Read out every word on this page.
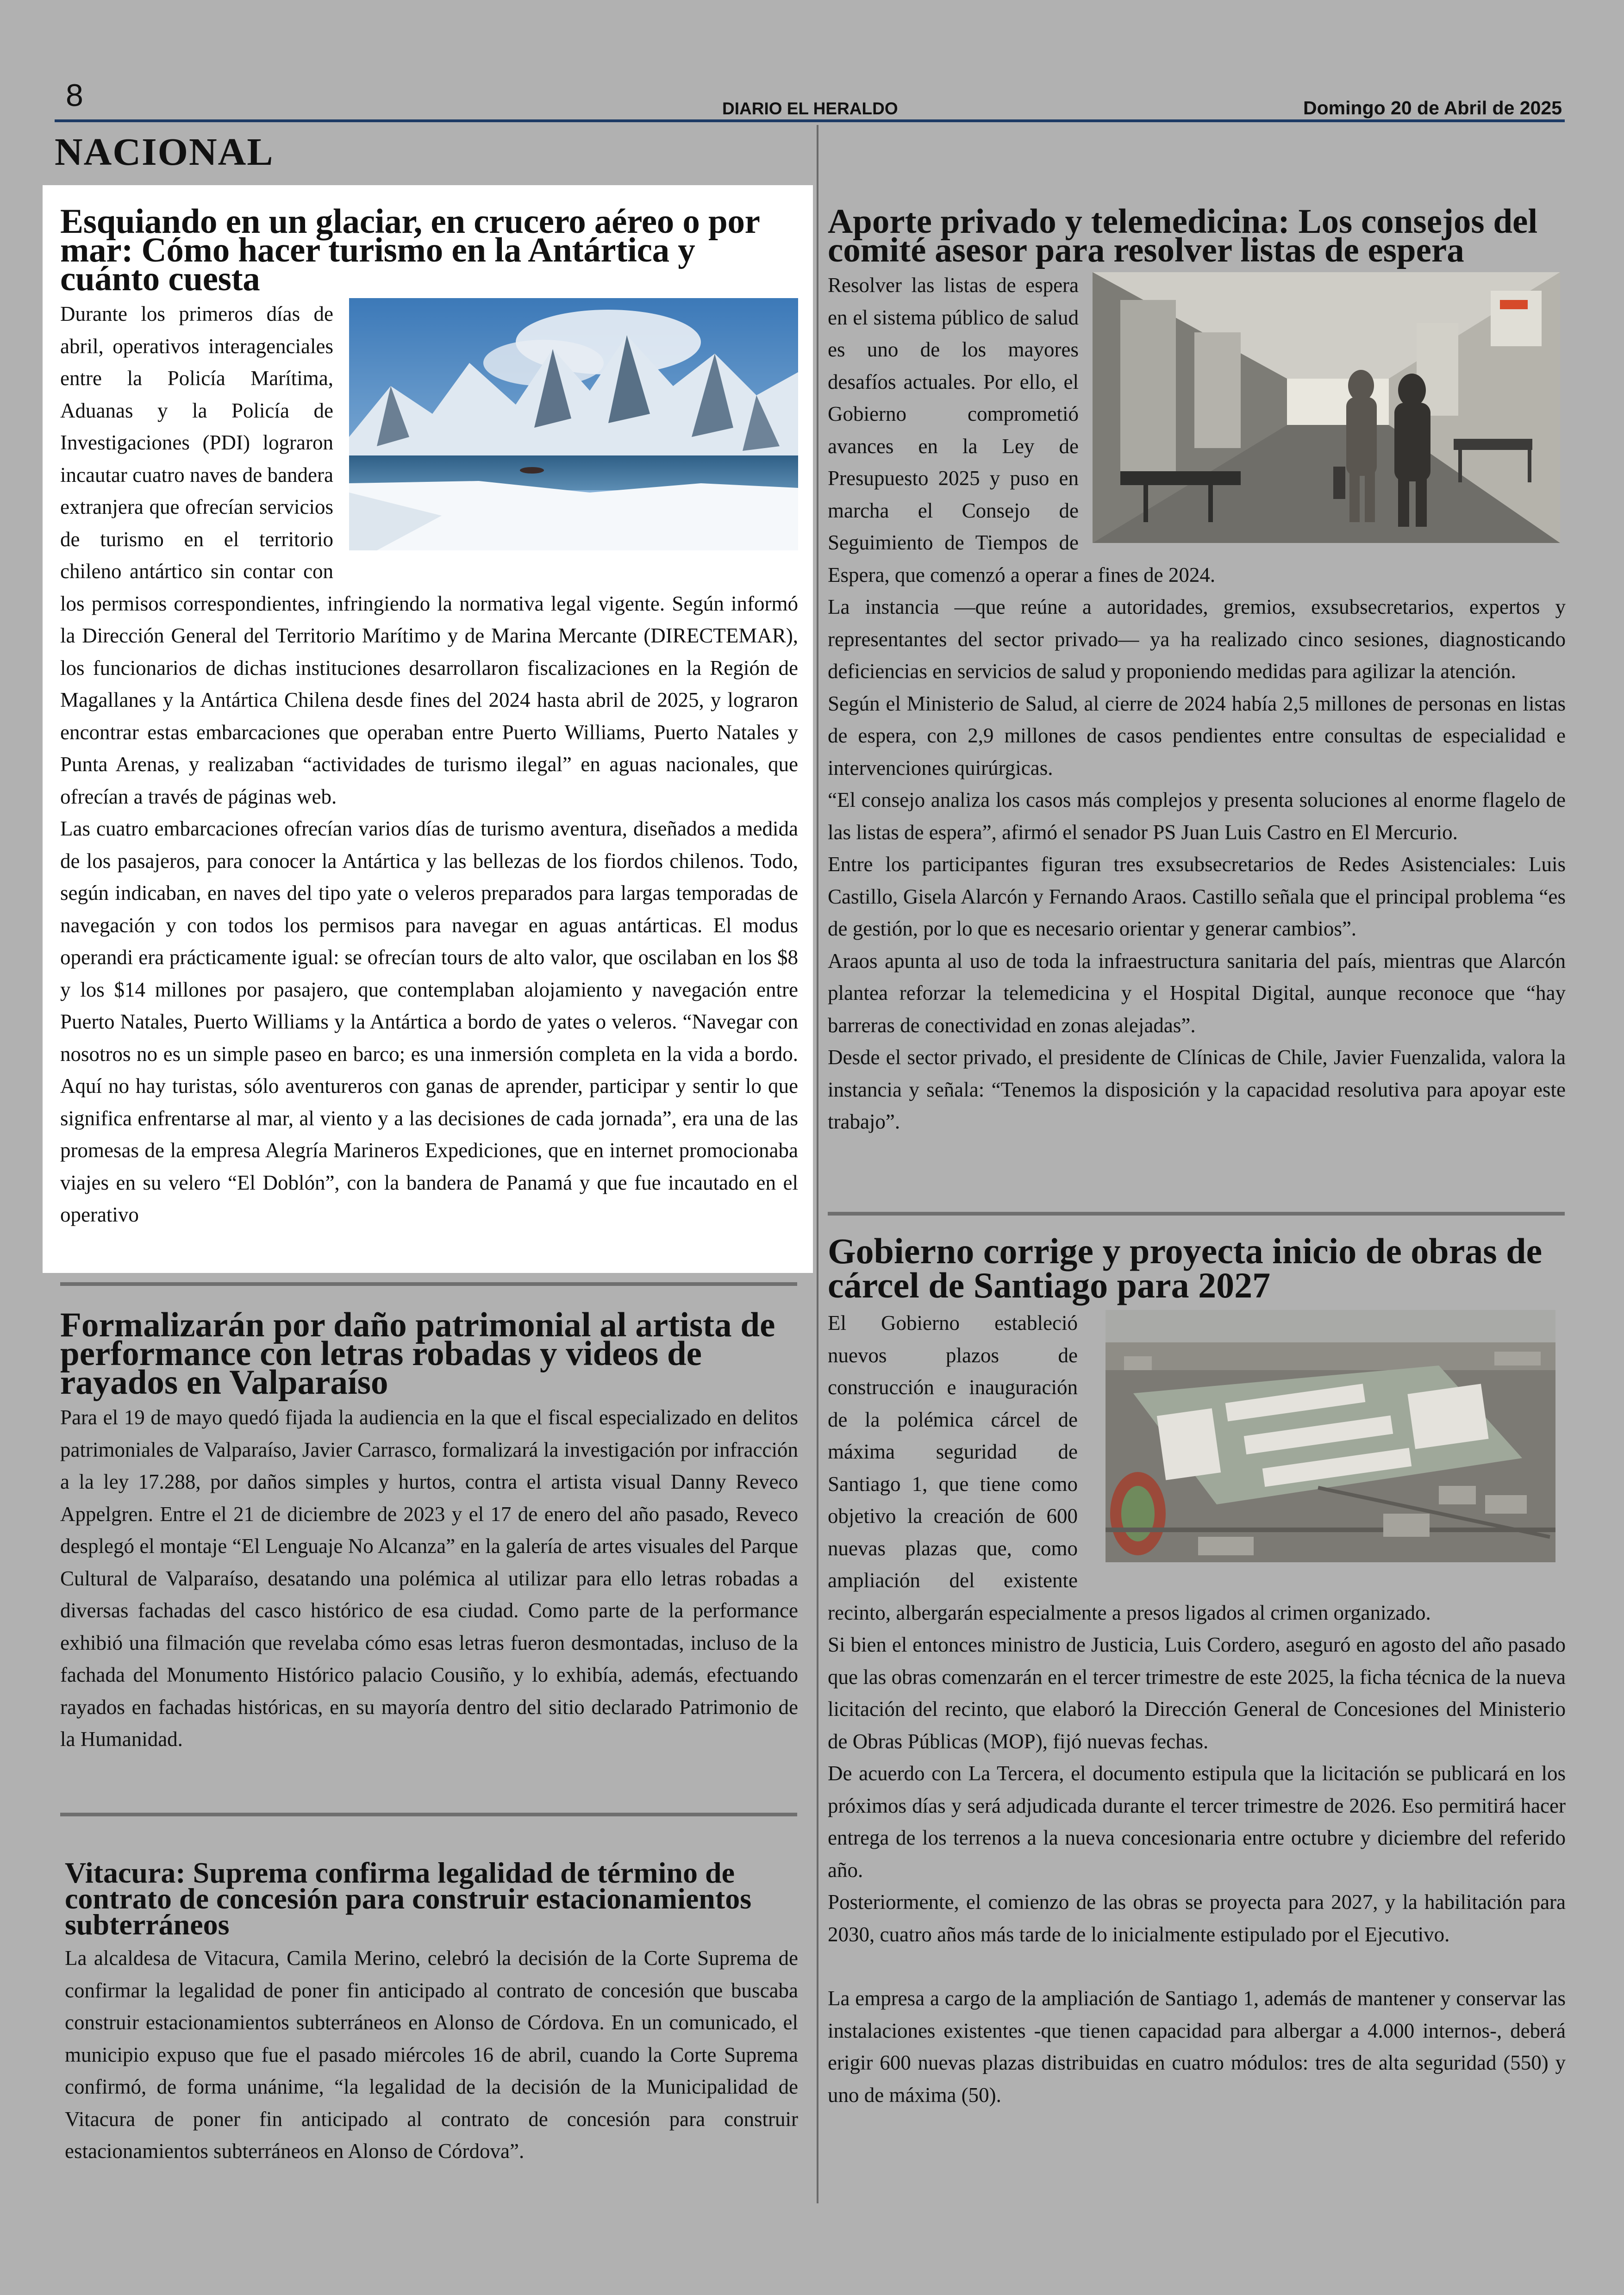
8	DIARIO EL HERALDO	Domingo 20 de Abril de 2025
NACIONAL
Esquiando en un glaciar, en crucero aéreo o por mar: Cómo hacer turismo en la Antártica y cuánto cuesta

Durante los primeros días de abril, operativos interagenciales entre la Policía Marítima, Aduanas y la Policía de Investigaciones (PDI) lograron incautar cuatro naves de bandera extranjera que ofrecían servicios de turismo en el territorio chileno antártico sin contar con los permisos correspondientes, infringiendo la normativa legal vigente. Según informó la Dirección General del Territorio Marítimo y de Marina Mercante (DIRECTEMAR), los funcionarios de dichas instituciones desarrollaron fiscalizaciones en la Región de Magallanes y la Antártica Chilena desde fines del 2024 hasta abril de 2025, y lograron encontrar estas embarcaciones que operaban entre Puerto Williams, Puerto Natales y Punta Arenas, y realizaban “actividades de turismo ilegal” en aguas nacionales, que ofrecían a través de páginas web.

Las cuatro embarcaciones ofrecían varios días de turismo aventura, diseñados a medida de los pasajeros, para conocer la Antártica y las bellezas de los fiordos chilenos. Todo, según indicaban, en naves del tipo yate o veleros preparados para largas temporadas de navegación y con todos los permisos para navegar en aguas antárticas. El modus operandi era prácticamente igual: se ofrecían tours de alto valor, que oscilaban en los $8 y los $14 millones por pasajero, que contemplaban alojamiento y navegación entre Puerto Natales, Puerto Williams y la Antártica a bordo de yates o veleros. “Navegar con nosotros no es un simple paseo en barco; es una inmersión completa en la vida a bordo. Aquí no hay turistas, sólo aventureros con ganas de aprender, participar y sentir lo que significa enfrentarse al mar, al viento y a las decisiones de cada jornada”, era una de las promesas de la empresa Alegría Marineros Expediciones, que en internet promocionaba viajes en su velero “El Doblón”, con la bandera de Panamá y que fue incautado en el operativo

Formalizarán por daño patrimonial al artista de performance con letras robadas y videos de rayados en Valparaíso

Para el 19 de mayo quedó fijada la audiencia en la que el fiscal especializado en delitos patrimoniales de Valparaíso, Javier Carrasco, formalizará la investigación por infracción a la ley 17.288, por daños simples y hurtos, contra el artista visual Danny Reveco Appelgren. Entre el 21 de diciembre de 2023 y el 17 de enero del año pasado, Reveco desplegó el montaje “El Lenguaje No Alcanza” en la galería de artes visuales del Parque Cultural de Valparaíso, desatando una polémica al utilizar para ello letras robadas a diversas fachadas del casco histórico de esa ciudad. Como parte de la performance exhibió una filmación que revelaba cómo esas letras fueron desmontadas, incluso de la fachada del Monumento Histórico palacio Cousiño, y lo exhibía, además, efectuando rayados en fachadas históricas, en su mayoría dentro del sitio declarado Patrimonio de la Humanidad.

Vitacura: Suprema confirma legalidad de término de contrato de concesión para construir estacionamientos subterráneos

La alcaldesa de Vitacura, Camila Merino, celebró la decisión de la Corte Suprema de confirmar la legalidad de poner fin anticipado al contrato de concesión que buscaba construir estacionamientos subterráneos en Alonso de Córdova. En un comunicado, el municipio expuso que fue el pasado miércoles 16 de abril, cuando la Corte Suprema confirmó, de forma unánime, “la legalidad de la decisión de la Municipalidad de Vitacura de poner fin anticipado al contrato de concesión para construir estacionamientos subterráneos en Alonso de Córdova”.

Aporte privado y telemedicina: Los consejos del comité asesor para resolver listas de espera

Resolver las listas de espera en el sistema público de salud es uno de los mayores desafíos actuales. Por ello, el Gobierno comprometió avances en la Ley de Presupuesto 2025 y puso en marcha el Consejo de Seguimiento de Tiempos de Espera, que comenzó a operar a fines de 2024.

La instancia —que reúne a autoridades, gremios, exsubsecretarios, expertos y representantes del sector privado— ya ha realizado cinco sesiones, diagnosticando deficiencias en servicios de salud y proponiendo medidas para agilizar la atención.

Según el Ministerio de Salud, al cierre de 2024 había 2,5 millones de personas en listas de espera, con 2,9 millones de casos pendientes entre consultas de especialidad e intervenciones quirúrgicas.

“El consejo analiza los casos más complejos y presenta soluciones al enorme flagelo de las listas de espera”, afirmó el senador PS Juan Luis Castro en El Mercurio.

Entre los participantes figuran tres exsubsecretarios de Redes Asistenciales: Luis Castillo, Gisela Alarcón y Fernando Araos. Castillo señala que el principal problema “es de gestión, por lo que es necesario orientar y generar cambios”.

Araos apunta al uso de toda la infraestructura sanitaria del país, mientras que Alarcón plantea reforzar la telemedicina y el Hospital Digital, aunque reconoce que “hay barreras de conectividad en zonas alejadas”.

Desde el sector privado, el presidente de Clínicas de Chile, Javier Fuenzalida, valora la instancia y señala: “Tenemos la disposición y la capacidad resolutiva para apoyar este trabajo”.

Gobierno corrige y proyecta inicio de obras de cárcel de Santiago para 2027

El Gobierno estableció nuevos plazos de construcción e inauguración de la polémica cárcel de máxima seguridad de Santiago 1, que tiene como objetivo la creación de 600 nuevas plazas que, como ampliación del existente recinto, albergarán especialmente a presos ligados al crimen organizado.

Si bien el entonces ministro de Justicia, Luis Cordero, aseguró en agosto del año pasado que las obras comenzarán en el tercer trimestre de este 2025, la ficha técnica de la nueva licitación del recinto, que elaboró la Dirección General de Concesiones del Ministerio de Obras Públicas (MOP), fijó nuevas fechas.

De acuerdo con La Tercera, el documento estipula que la licitación se publicará en los próximos días y será adjudicada durante el tercer trimestre de 2026. Eso permitirá hacer entrega de los terrenos a la nueva concesionaria entre octubre y diciembre del referido año.

Posteriormente, el comienzo de las obras se proyecta para 2027, y la habilitación para 2030, cuatro años más tarde de lo inicialmente estipulado por el Ejecutivo.

La empresa a cargo de la ampliación de Santiago 1, además de mantener y conservar las instalaciones existentes -que tienen capacidad para albergar a 4.000 internos-, deberá erigir 600 nuevas plazas distribuidas en cuatro módulos: tres de alta seguridad (550) y uno de máxima (50).
